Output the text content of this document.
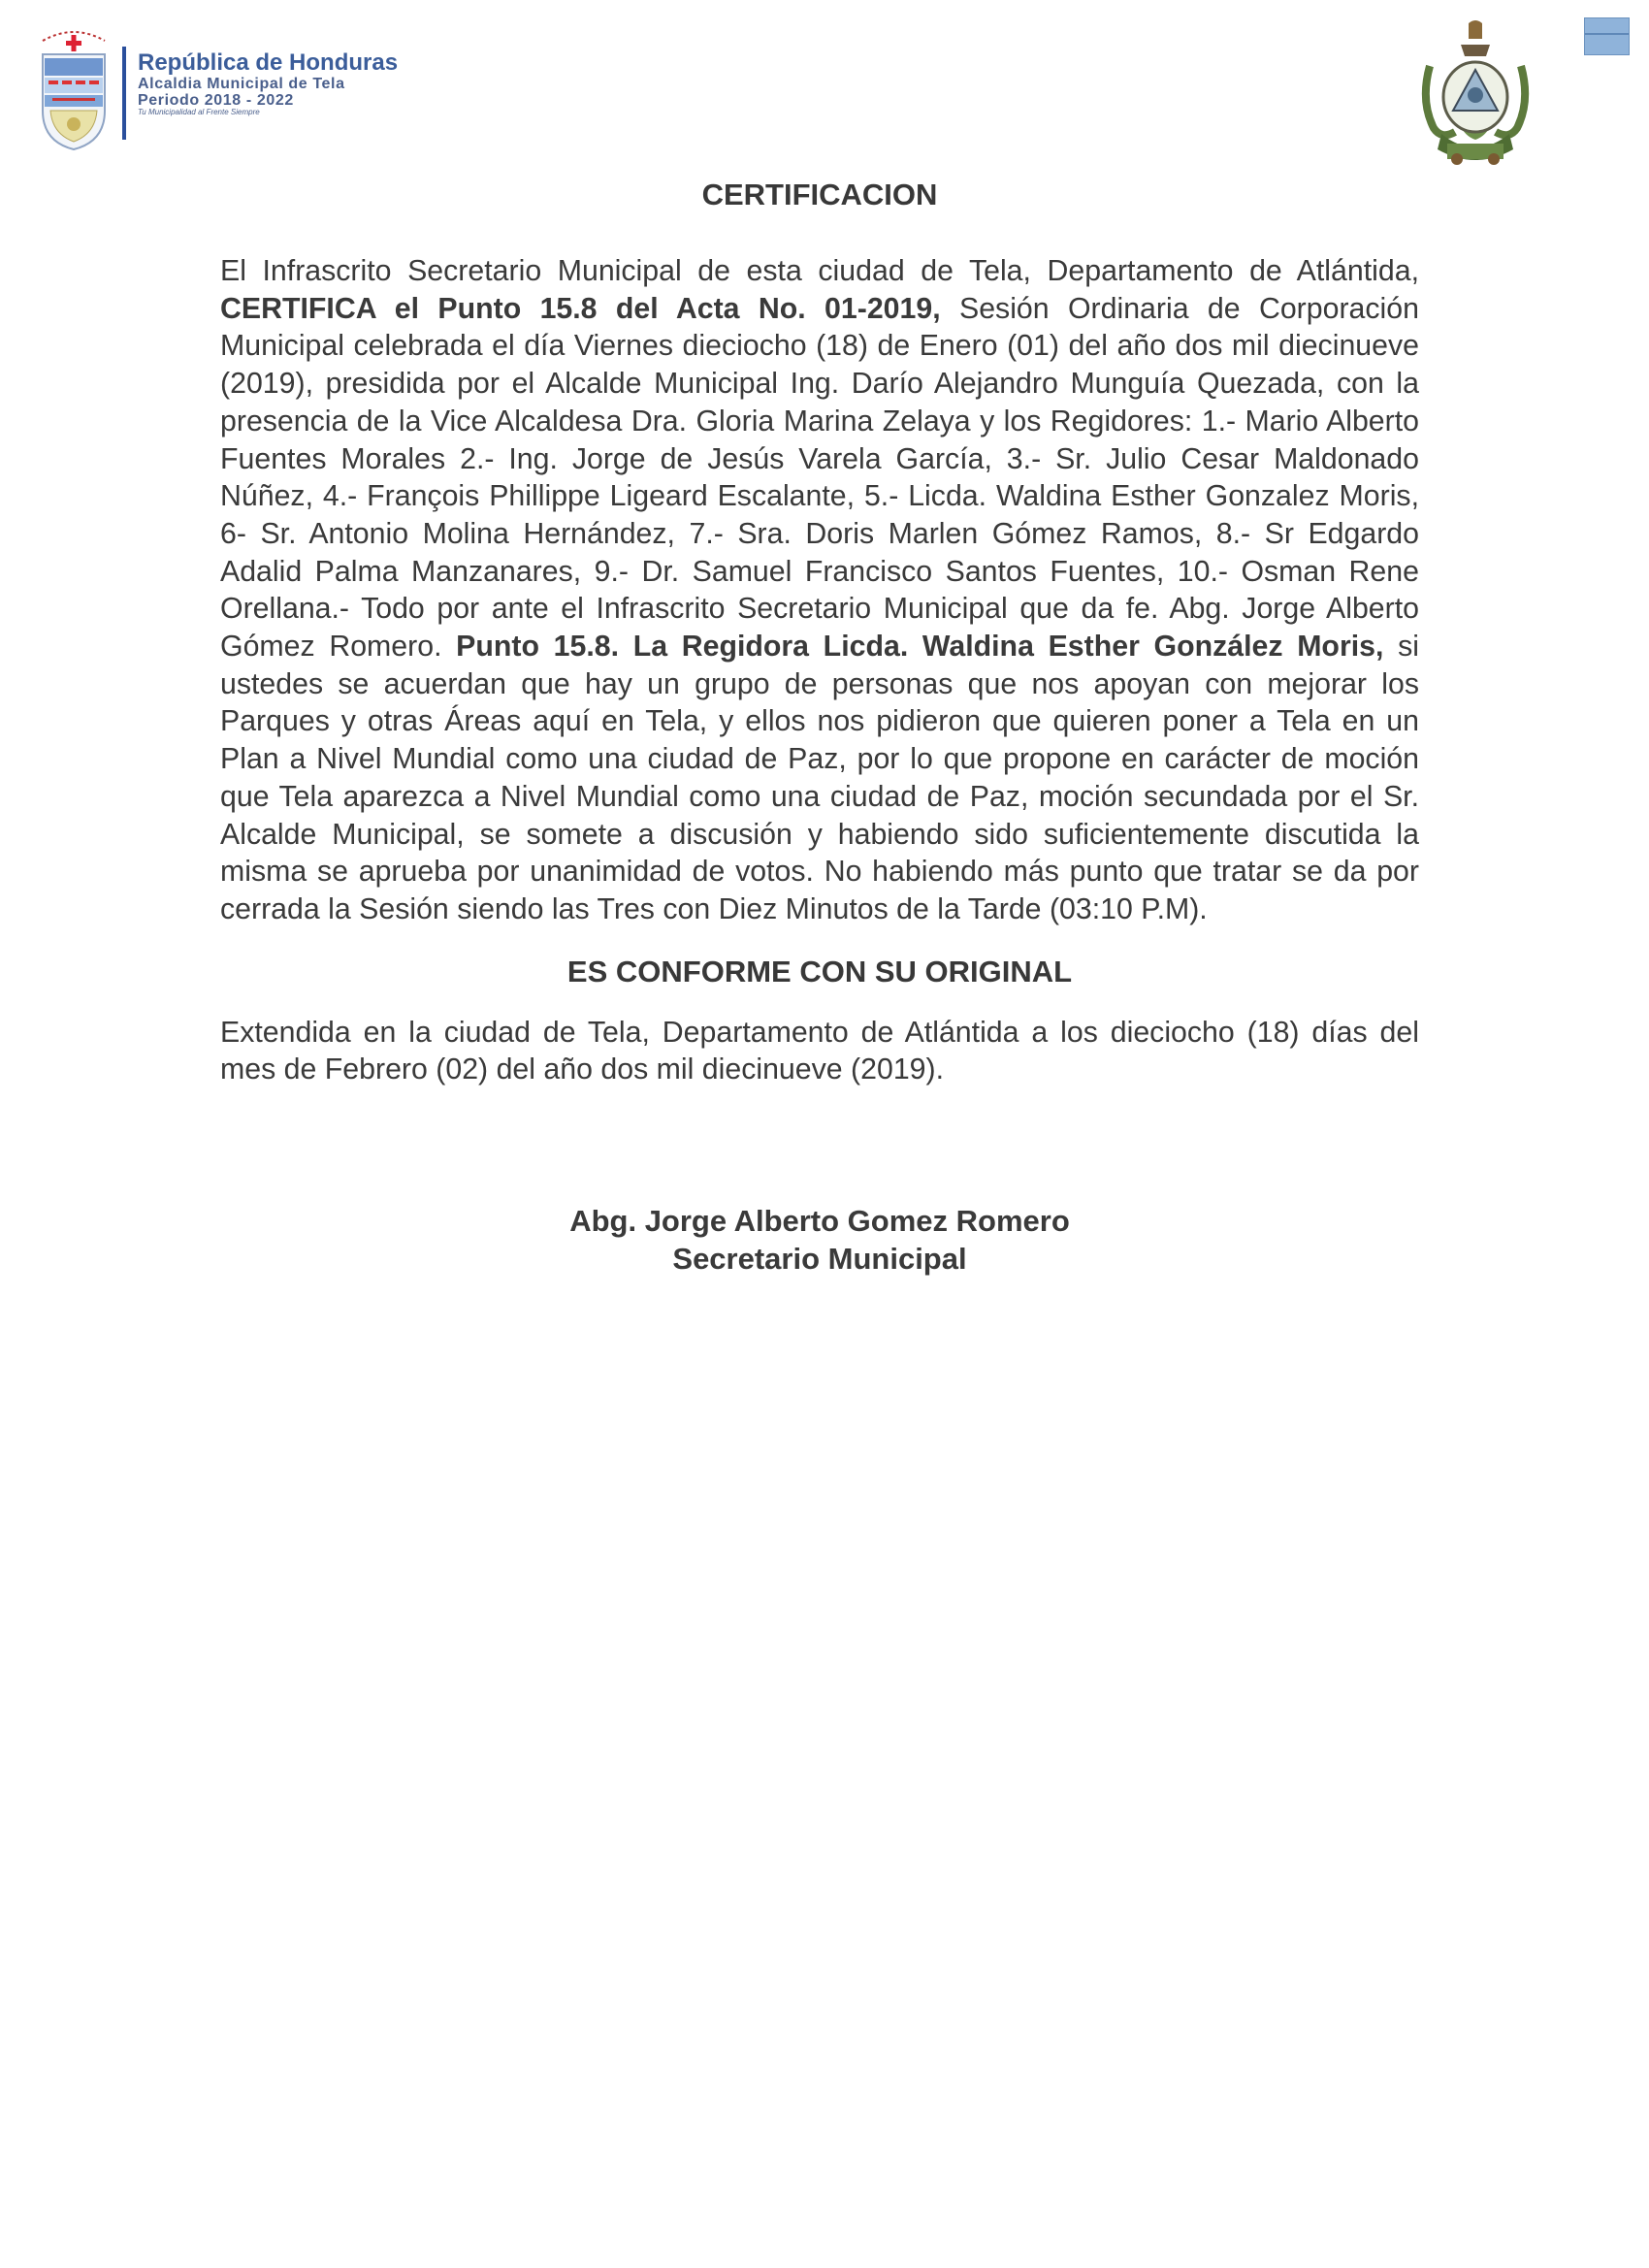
República de Honduras
Alcaldia Municipal de Tela
Periodo 2018 - 2022
Tu Municipalidad al Frente Siempre
CERTIFICACION

El Infrascrito Secretario Municipal de esta ciudad de Tela, Departamento de Atlántida, CERTIFICA el Punto 15.8 del Acta No. 01-2019, Sesión Ordinaria de Corporación Municipal celebrada el día Viernes dieciocho (18) de Enero (01) del año dos mil diecinueve (2019), presidida por el Alcalde Municipal Ing. Darío Alejandro Munguía Quezada, con la presencia de la Vice Alcaldesa Dra. Gloria Marina Zelaya y los Regidores: 1.- Mario Alberto Fuentes Morales 2.- Ing. Jorge de Jesús Varela García, 3.- Sr. Julio Cesar Maldonado Núñez, 4.- François Phillippe Ligeard Escalante, 5.- Licda. Waldina Esther Gonzalez Moris, 6- Sr. Antonio Molina Hernández, 7.- Sra. Doris Marlen Gómez Ramos, 8.- Sr Edgardo Adalid Palma Manzanares, 9.- Dr. Samuel Francisco Santos Fuentes, 10.- Osman Rene Orellana.- Todo por ante el Infrascrito Secretario Municipal que da fe. Abg. Jorge Alberto Gómez Romero. Punto 15.8. La Regidora Licda. Waldina Esther González Moris, si ustedes se acuerdan que hay un grupo de personas que nos apoyan con mejorar los Parques y otras Áreas aquí en Tela, y ellos nos pidieron que quieren poner a Tela en un Plan a Nivel Mundial como una ciudad de Paz, por lo que propone en carácter de moción que Tela aparezca a Nivel Mundial como una ciudad de Paz, moción secundada por el Sr. Alcalde Municipal, se somete a discusión y habiendo sido suficientemente discutida la misma se aprueba por unanimidad de votos. No habiendo más punto que tratar se da por cerrada la Sesión siendo las Tres con Diez Minutos de la Tarde (03:10 P.M).

ES CONFORME CON SU ORIGINAL

Extendida en la ciudad de Tela, Departamento de Atlántida a los dieciocho (18) días del mes de Febrero (02) del año dos mil diecinueve (2019).

Abg. Jorge Alberto Gomez Romero
Secretario Municipal
